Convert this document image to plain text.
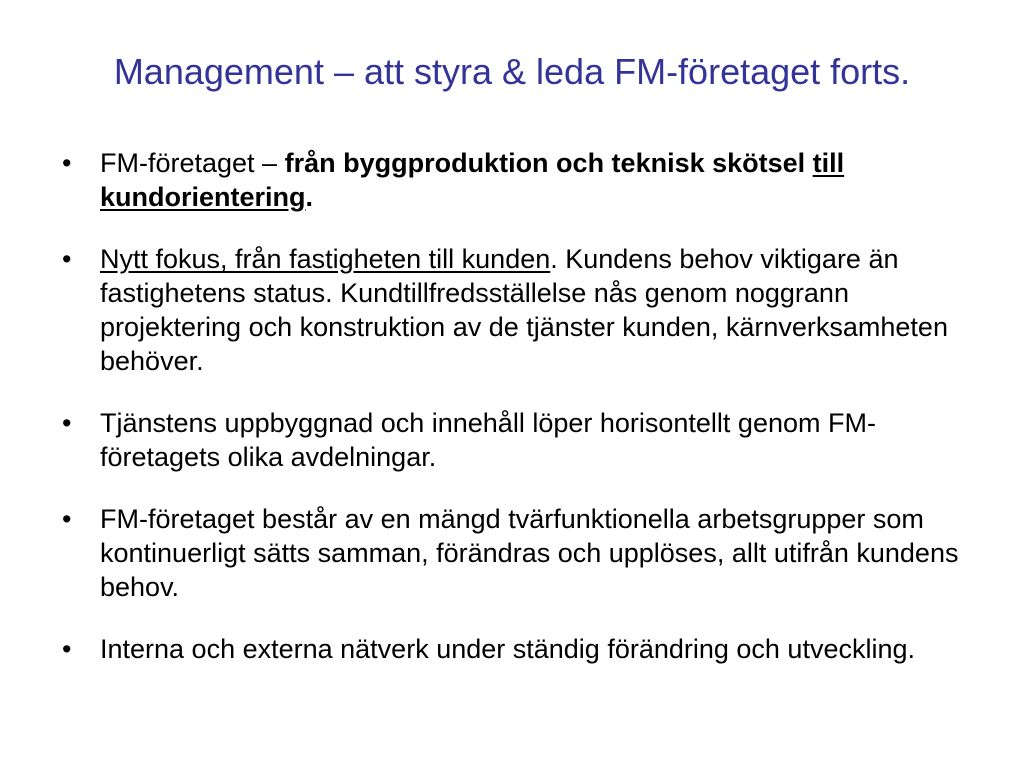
Management – att styra & leda FM-företaget forts.
•	FM-företaget – från byggproduktion och teknisk skötsel till kundorientering.
•	Nytt fokus, från fastigheten till kunden. Kundens behov viktigare än fastighetens status. Kundtillfredsställelse nås genom noggrann projektering och konstruktion av de tjänster kunden, kärnverksamheten behöver.
•	Tjänstens uppbyggnad och innehåll löper horisontellt genom FM-företagets olika avdelningar.
•	FM-företaget består av en mängd tvärfunktionella arbetsgrupper som kontinuerligt sätts samman, förändras och upplöses, allt utifrån kundens behov.
•	Interna och externa nätverk under ständig förändring och utveckling.
